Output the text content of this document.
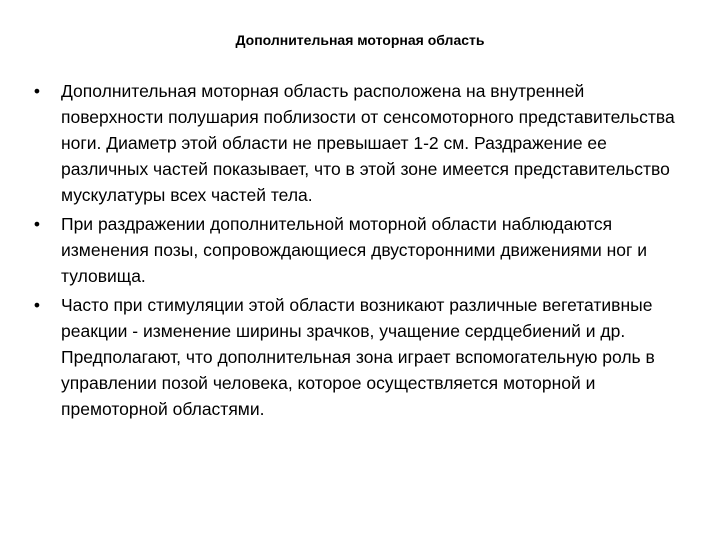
Дополнительная моторная область
• Дополнительная моторная область расположена на внутренней поверхности полушария поблизости от сенсомоторного представительства ноги. Диаметр этой области не превышает 1-2 см. Раздражение ее различных частей показывает, что в этой зоне имеется представительство мускулатуры всех частей тела.
• При раздражении дополнительной моторной области наблюдаются изменения позы, сопровождающиеся двусторонними движениями ног и туловища.
• Часто при стимуляции этой области возникают различные вегетативные реакции - изменение ширины зрачков, учащение сердцебиений и др. Предполагают, что дополнительная зона играет вспомогательную роль в управлении позой человека, которое осуществляется моторной и премоторной областями.
